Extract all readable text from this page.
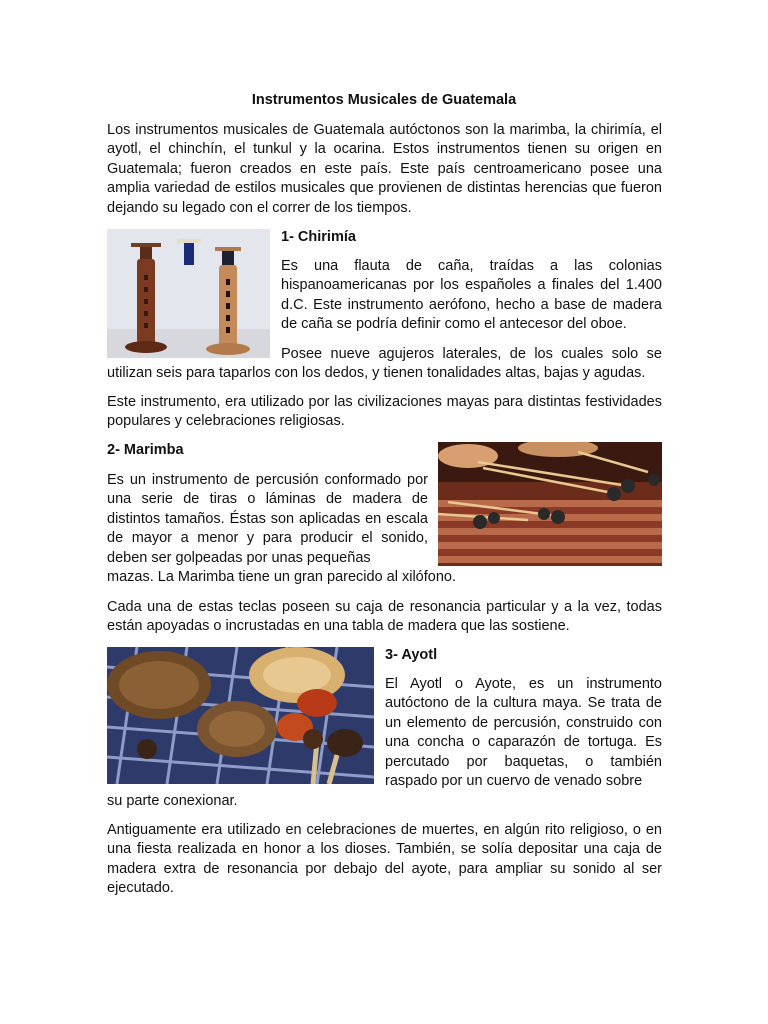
Instrumentos Musicales de Guatemala

Los instrumentos musicales de Guatemala autóctonos son la marimba, la chirimía, el ayotl, el chinchín, el tunkul y la ocarina. Estos instrumentos tienen su origen en Guatemala; fueron creados en este país. Este país centroamericano posee una amplia variedad de estilos musicales que provienen de distintas herencias que fueron dejando su legado con el correr de los tiempos.

1- Chirimía

Es una flauta de caña, traídas a las colonias hispanoamericanas por los españoles a finales del 1.400 d.C. Este instrumento aerófono, hecho a base de madera de caña se podría definir como el antecesor del oboe.

Posee nueve agujeros laterales, de los cuales solo se

utilizan seis para taparlos con los dedos, y tienen tonalidades altas, bajas y agudas.

Este instrumento, era utilizado por las civilizaciones mayas para distintas festividades populares y celebraciones religiosas.

2- Marimba

Es un instrumento de percusión conformado por una serie de tiras o láminas de madera de distintos tamaños. Éstas son aplicadas en escala de mayor a menor y para producir el sonido, deben ser golpeadas por unas pequeñas

mazas. La Marimba tiene un gran parecido al xilófono.

Cada una de estas teclas poseen su caja de resonancia particular y a la vez, todas están apoyadas o incrustadas en una tabla de madera que las sostiene.

3- Ayotl

El Ayotl o Ayote, es un instrumento autóctono de la cultura maya. Se trata de un elemento de percusión, construido con una concha o caparazón de tortuga. Es percutado por baquetas, o también raspado por un cuervo de venado sobre

su parte conexionar.

Antiguamente era utilizado en celebraciones de muertes, en algún rito religioso, o en una fiesta realizada en honor a los dioses. También, se solía depositar una caja de madera extra de resonancia por debajo del ayote, para ampliar su sonido al ser ejecutado.
